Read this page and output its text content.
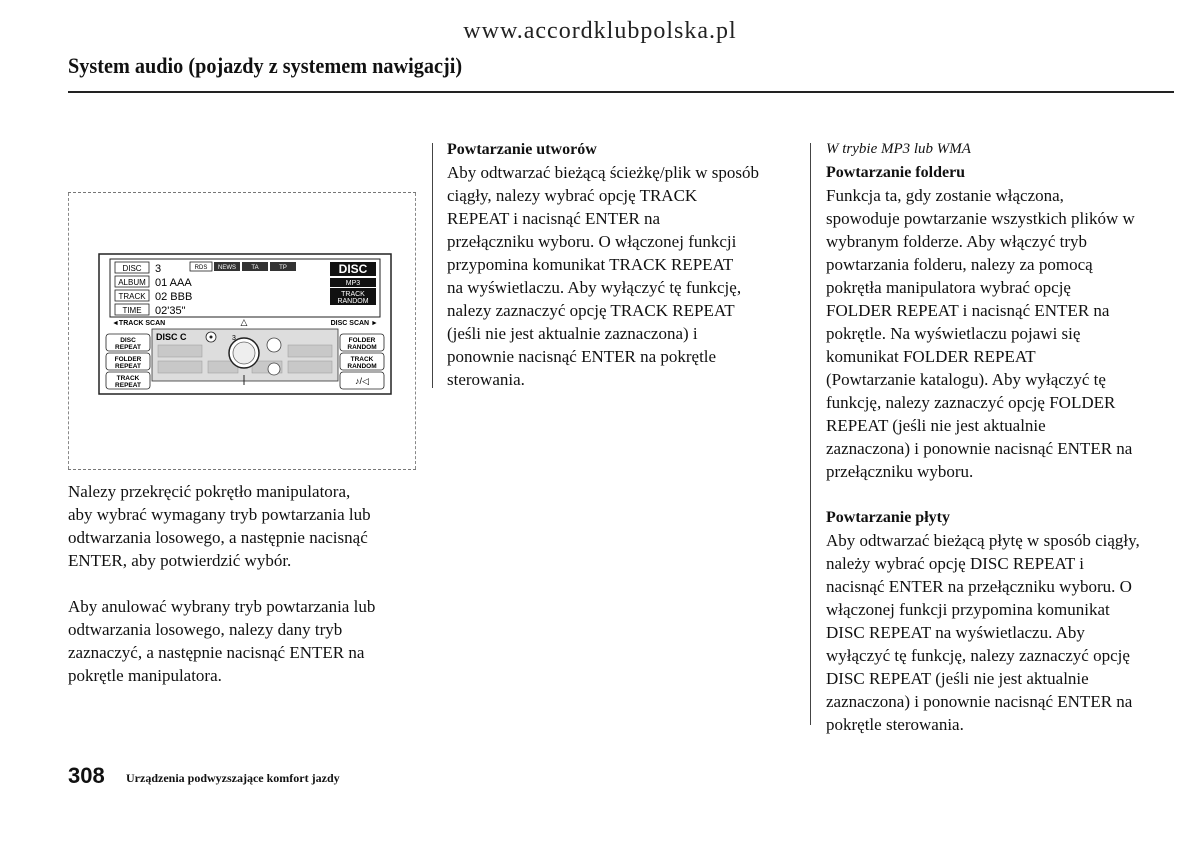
www.accordklubpolska.pl
System audio (pojazdy z systemem nawigacji)
DISC 3
ALBUM 01 AAA
TRACK 02 BBB
TIME 02'35"
RDS NEWS	TA	TP	DISC
MP3
TRACK
RANDOM
◄TRACK SCAN	△	DISC SCAN ►
DISC C	3
DISC
REPEAT
FOLDER
REPEAT
TRACK
REPEAT
FOLDER
RANDOM
TRACK
RANDOM
♪/◁

Nalezy przekręcić pokrętło manipulatora,

aby wybrać wymagany tryb powtarzania lub

odtwarzania losowego, a następnie nacisnąć

ENTER, aby potwierdzić wybór.

Aby anulować wybrany tryb powtarzania lub

odtwarzania losowego, nalezy dany tryb

zaznaczyć, a następnie nacisnąć ENTER na

pokrętle manipulatora.

Powtarzanie utworów

Aby odtwarzać bieżącą ścieżkę/plik w sposób

ciągły, nalezy wybrać opcję TRACK

REPEAT i nacisnąć ENTER na

przełączniku wyboru. O włączonej funkcji

przypomina komunikat TRACK REPEAT

na wyświetlaczu. Aby wyłączyć tę funkcję,

nalezy zaznaczyć opcję TRACK REPEAT

(jeśli nie jest aktualnie zaznaczona) i

ponownie nacisnąć ENTER na pokrętle

sterowania.

W trybie MP3 lub WMA

Powtarzanie folderu

Funkcja ta, gdy zostanie włączona,

spowoduje powtarzanie wszystkich plików w

wybranym folderze. Aby włączyć tryb

powtarzania folderu, nalezy za pomocą

pokrętła manipulatora wybrać opcję

FOLDER REPEAT i nacisnąć ENTER na

pokrętle. Na wyświetlaczu pojawi się

komunikat FOLDER REPEAT

(Powtarzanie katalogu). Aby wyłączyć tę

funkcję, nalezy zaznaczyć opcję FOLDER

REPEAT (jeśli nie jest aktualnie

zaznaczona) i ponownie nacisnąć ENTER na

przełączniku wyboru.

Powtarzanie płyty

Aby odtwarzać bieżącą płytę w sposób ciągły,

należy wybrać opcję DISC REPEAT i

nacisnąć ENTER na przełączniku wyboru. O

włączonej funkcji przypomina komunikat

DISC REPEAT na wyświetlaczu. Aby

wyłączyć tę funkcję, nalezy zaznaczyć opcję

DISC REPEAT (jeśli nie jest aktualnie

zaznaczona) i ponownie nacisnąć ENTER na

pokrętle sterowania.

308 Urządzenia podwyzszające komfort jazdy
